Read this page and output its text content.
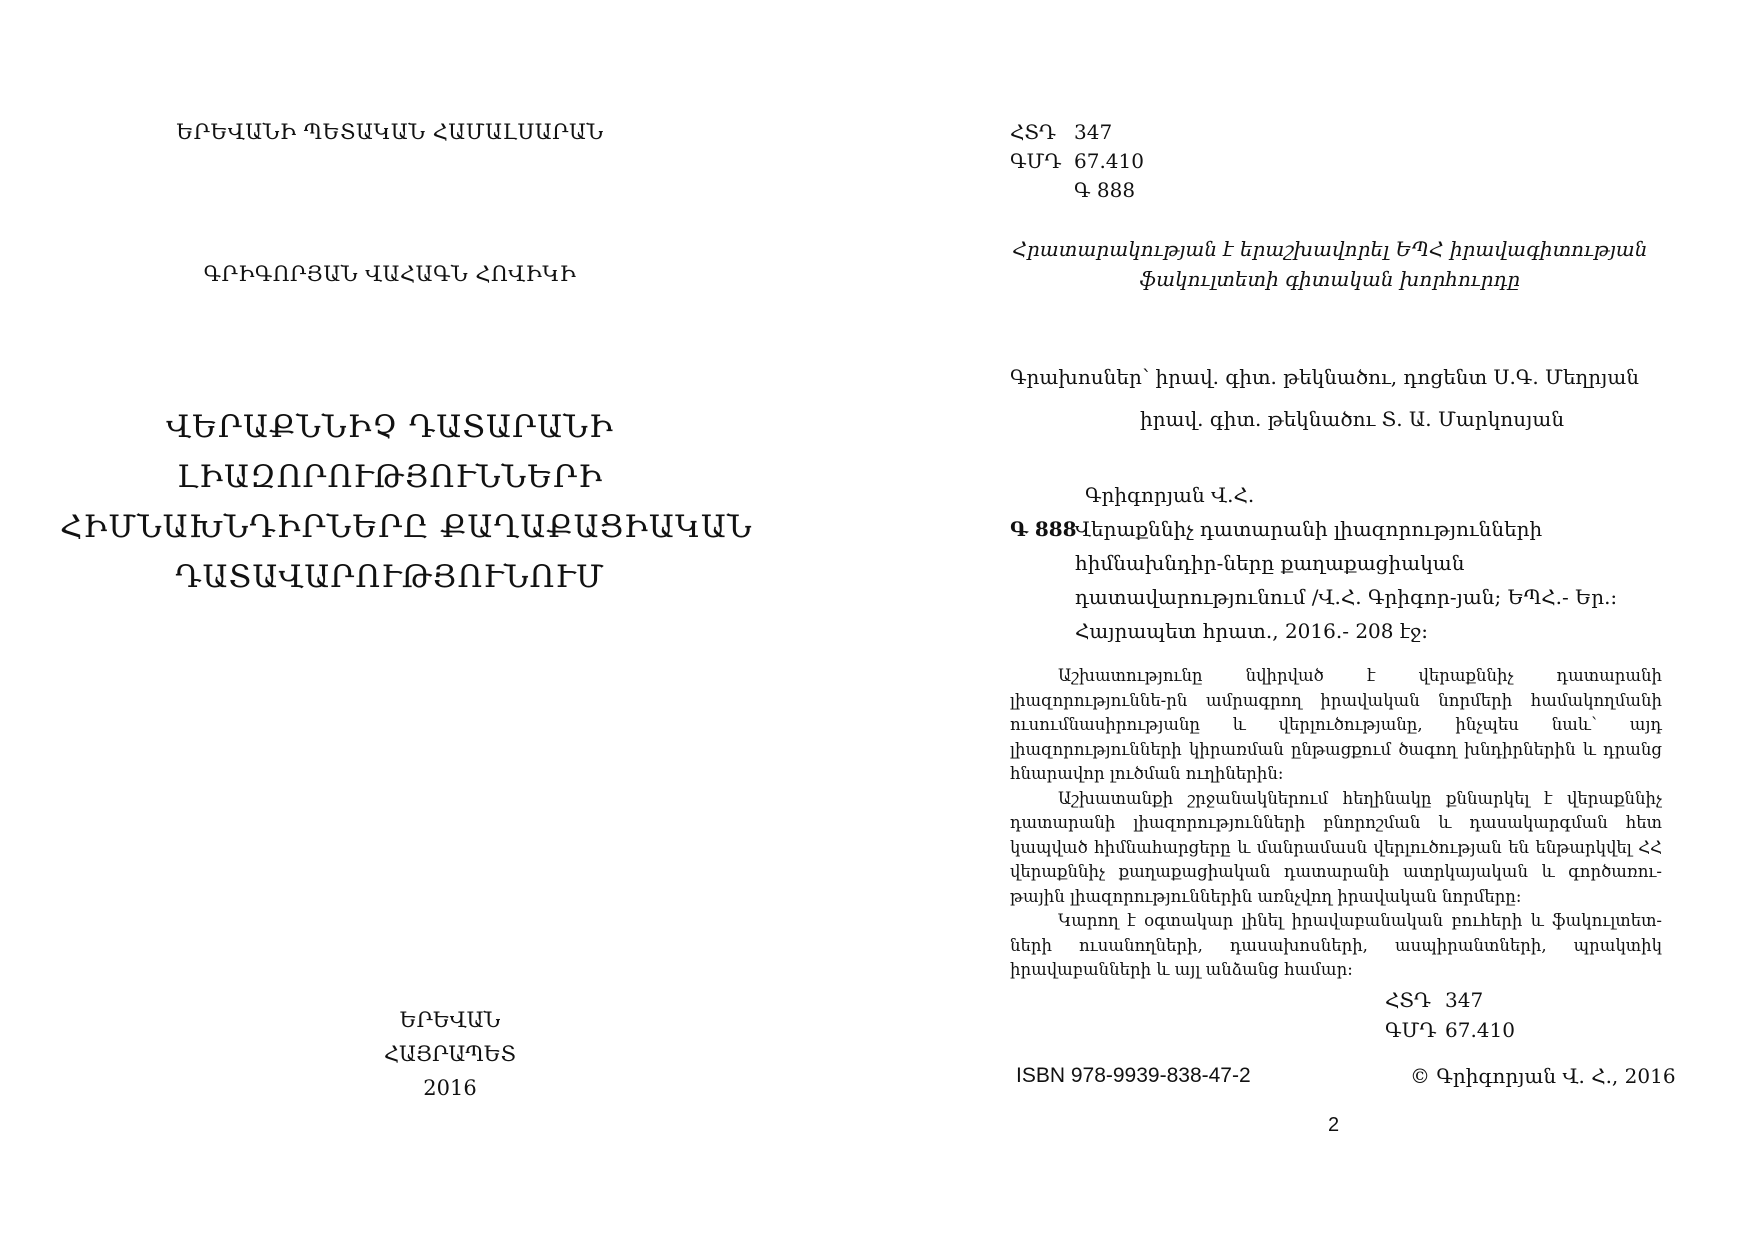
ԵՐԵՎԱՆԻ ՊԵՏԱԿԱՆ ՀԱՄԱԼՍԱՐԱՆ
ԳՐԻԳՈՐՅԱՆ ՎԱՀԱԳՆ ՀՈՎԻԿԻ
ՎԵՐԱՔՆՆԻՉ ԴԱՏԱՐԱՆԻ
ԼԻԱԶՈՐՈՒԹՅՈՒՆՆԵՐԻ
ՀԻՄՆԱԽՆԴԻՐՆԵՐԸ ՔԱՂԱՔԱՑԻԱԿԱՆ
ԴԱՏԱՎԱՐՈՒԹՅՈՒՆՈՒՄ
ԵՐԵՎԱՆ
ՀԱՅՐԱՊԵՏ
2016
ՀՏԴ 347
ԳՄԴ 67.410
Գ 888
Հրատարակության է երաշխավորել ԵՊՀ իրավագիտության
ֆակուլտետի գիտական խորհուրդը
Գրախոսներ՝ իրավ. գիտ. թեկնածու, դոցենտ Ս.Գ. Մեղրյան
իրավ. գիտ. թեկնածու Տ. Ա. Մարկոսյան
Գրիգորյան Վ.Հ.
Գ 888
Վերաքննիչ դատարանի լիազորությունների հիմնախնդիր-ները քաղաքացիական դատավարությունում /Վ.Հ. Գրիգոր-յան; ԵՊՀ.- Եր.: Հայրապետ հրատ., 2016.- 208 էջ:

Աշխատությունը նվիրված է վերաքննիչ դատարանի լիազորություննե-րն ամրագրող իրավական նորմերի համակողմանի ուսումնասիրությանը և վերլուծությանը, ինչպես նաև՝ այդ լիազորությունների կիրառման ընթացքում ծագող խնդիրներին և դրանց հնարավոր լուծման ուղիներին:

Աշխատանքի շրջանակներում հեղինակը քննարկել է վերաքննիչ դատարանի լիազորությունների բնորոշման և դասակարգման հետ կապված հիմնահարցերը և մանրամասն վերլուծության են ենթարկվել ՀՀ վերաքննիչ քաղաքացիական դատարանի ատրկայական և գործառու-թային լիազորություններին առնչվող իրավական նորմերը:

Կարող է օգտակար լինել իրավաբանական բուհերի և ֆակուլտետ-ների ուսանողների, դասախոսների, ասպիրանտների, պրակտիկ իրավաբանների և այլ անձանց համար:

ՀՏԴ 347
ԳՄԴ 67.410
ISBN 978-9939-838-47-2	© Գրիգորյան Վ. Հ., 2016
2
